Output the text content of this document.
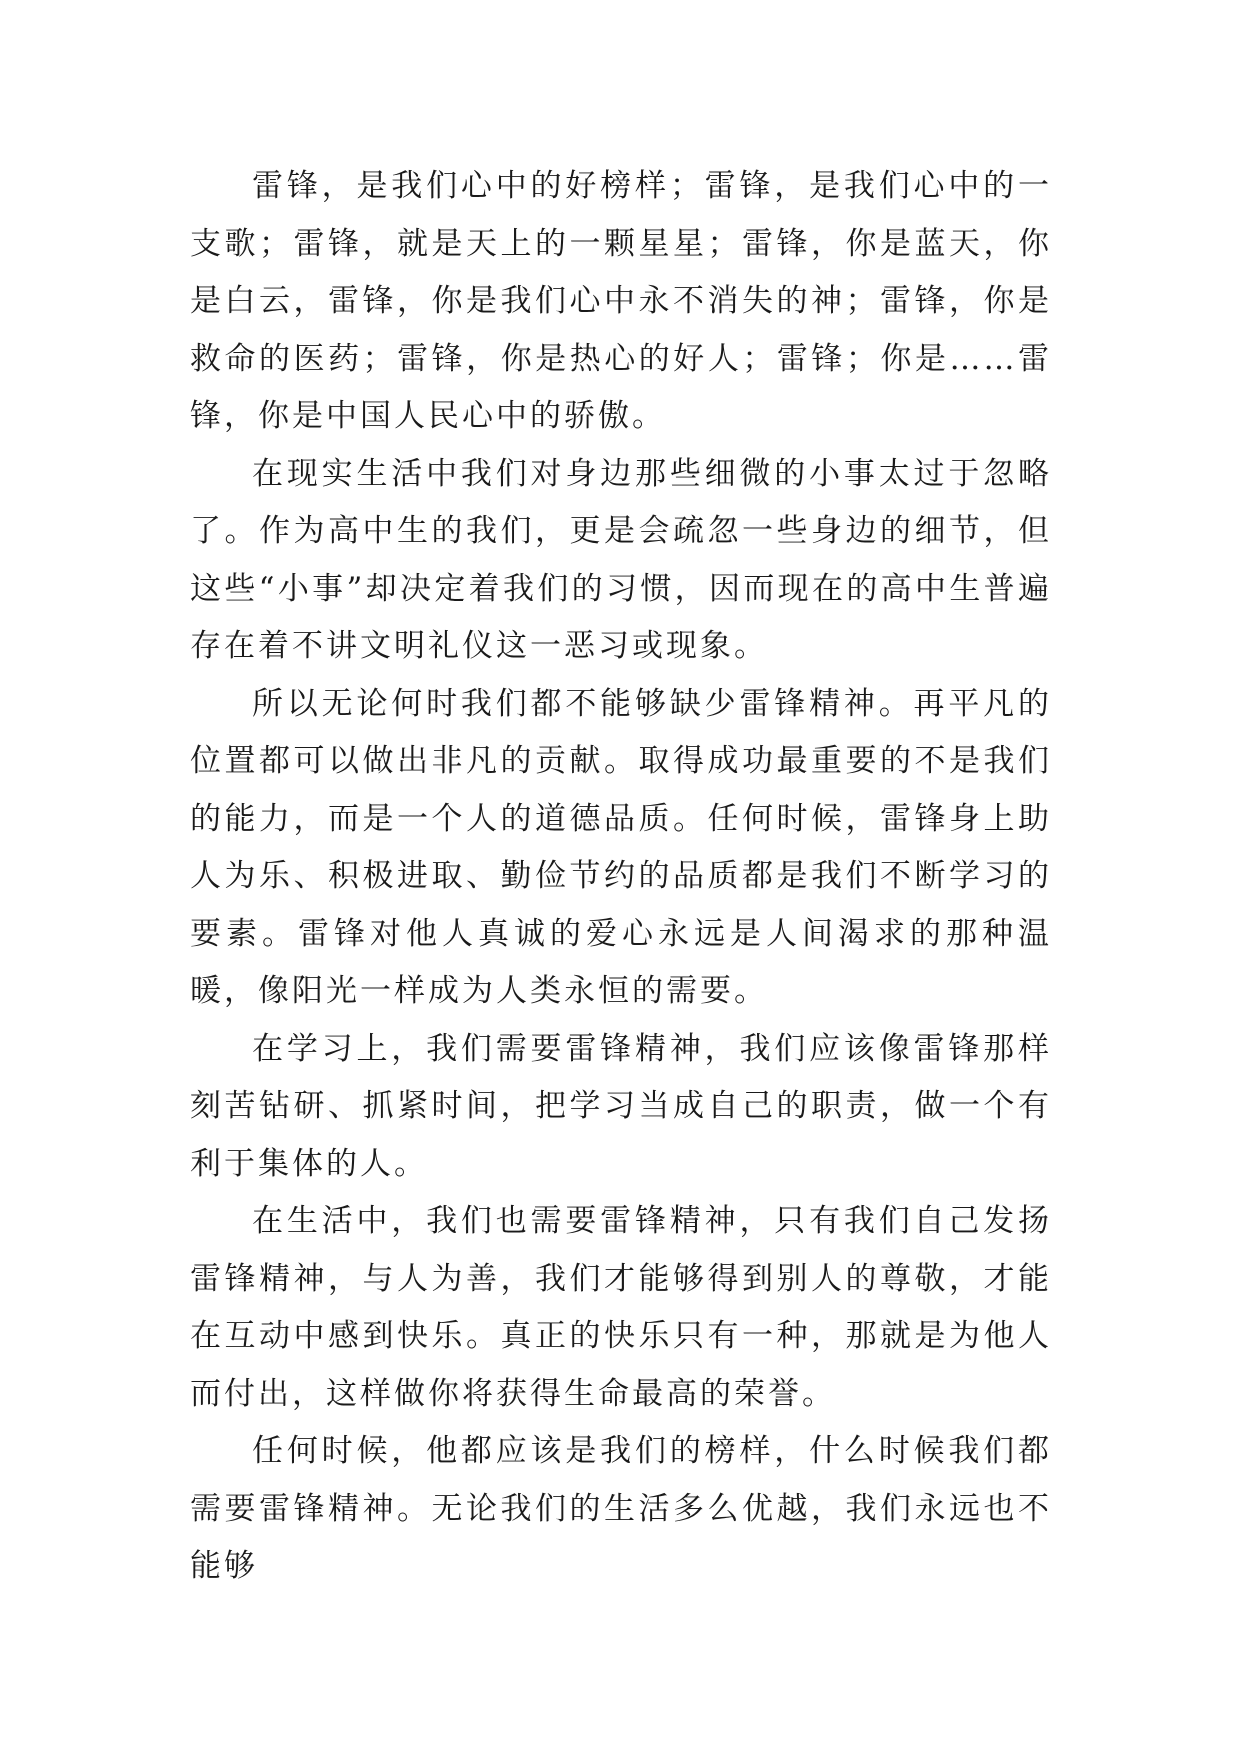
雷锋，是我们心中的好榜样；雷锋，是我们心中的一支歌；雷锋，就是天上的一颗星星；雷锋，你是蓝天，你是白云，雷锋，你是我们心中永不消失的神；雷锋，你是救命的医药；雷锋，你是热心的好人；雷锋；你是……雷锋，你是中国人民心中的骄傲。

在现实生活中我们对身边那些细微的小事太过于忽略了。作为高中生的我们，更是会疏忽一些身边的细节，但这些“小事”却决定着我们的习惯，因而现在的高中生普遍存在着不讲文明礼仪这一恶习或现象。

所以无论何时我们都不能够缺少雷锋精神。再平凡的位置都可以做出非凡的贡献。取得成功最重要的不是我们的能力，而是一个人的道德品质。任何时候，雷锋身上助人为乐、积极进取、勤俭节约的品质都是我们不断学习的要素。雷锋对他人真诚的爱心永远是人间渴求的那种温暖，像阳光一样成为人类永恒的需要。

在学习上，我们需要雷锋精神，我们应该像雷锋那样刻苦钻研、抓紧时间，把学习当成自己的职责，做一个有利于集体的人。

在生活中，我们也需要雷锋精神，只有我们自己发扬雷锋精神，与人为善，我们才能够得到别人的尊敬，才能在互动中感到快乐。真正的快乐只有一种，那就是为他人而付出，这样做你将获得生命最高的荣誉。

任何时候，他都应该是我们的榜样，什么时候我们都需要雷锋精神。无论我们的生活多么优越，我们永远也不能够
